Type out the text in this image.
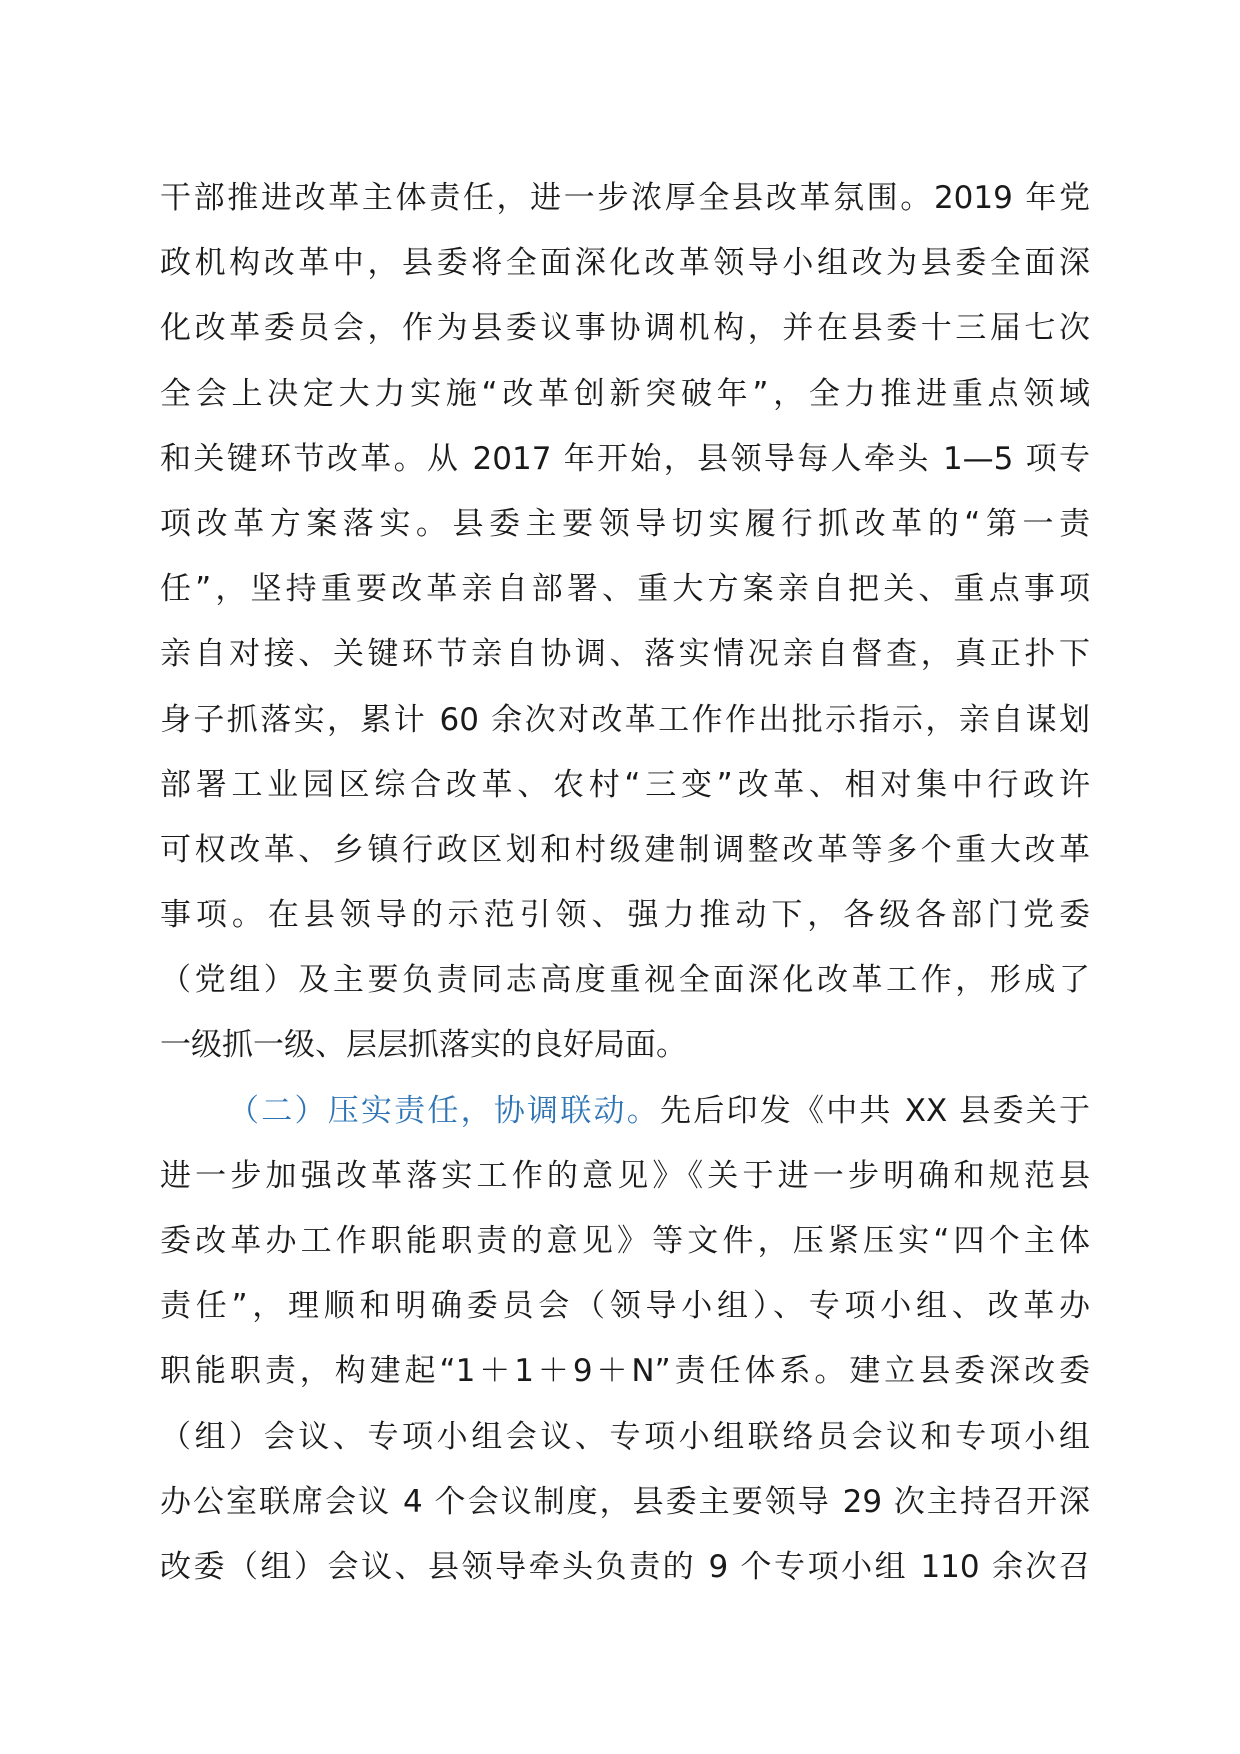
干部推进改革主体责任，进一步浓厚全县改革氛围。2019 年党
政机构改革中，县委将全面深化改革领导小组改为县委全面深
化改革委员会，作为县委议事协调机构，并在县委十三届七次
全会上决定大力实施“改革创新突破年”，全力推进重点领域
和关键环节改革。从 2017 年开始，县领导每人牵头 1—5 项专
项改革方案落实。县委主要领导切实履行抓改革的“第一责
任”，坚持重要改革亲自部署、重大方案亲自把关、重点事项
亲自对接、关键环节亲自协调、落实情况亲自督查，真正扑下
身子抓落实，累计 60 余次对改革工作作出批示指示，亲自谋划
部署工业园区综合改革、农村“三变”改革、相对集中行政许
可权改革、乡镇行政区划和村级建制调整改革等多个重大改革
事项。在县领导的示范引领、强力推动下，各级各部门党委
（党组）及主要负责同志高度重视全面深化改革工作，形成了
一级抓一级、层层抓落实的良好局面。
（二）压实责任，协调联动。先后印发《中共 XX 县委关于
进一步加强改革落实工作的意见》《关于进一步明确和规范县
委改革办工作职能职责的意见》等文件，压紧压实“四个主体
责任”，理顺和明确委员会（领导小组）、专项小组、改革办
职能职责，构建起“1＋1＋9＋N”责任体系。建立县委深改委
（组）会议、专项小组会议、专项小组联络员会议和专项小组
办公室联席会议 4 个会议制度，县委主要领导 29 次主持召开深
改委（组）会议、县领导牵头负责的 9 个专项小组 110 余次召
